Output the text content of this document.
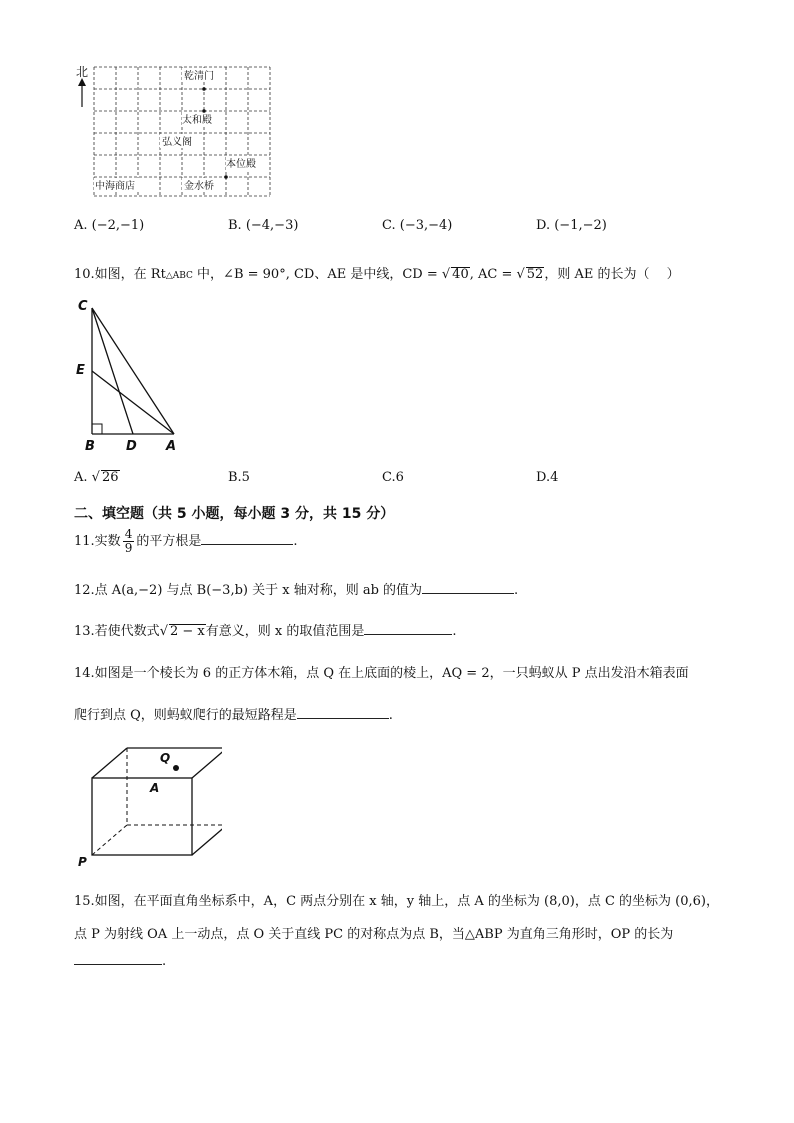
北	乾清门
太和殿
弘义阁
本位殿
中海商店	金水桥
A. (−2,−1)	B. (−4,−3)	C. (−3,−4)	D. (−1,−2)
10.如图，在 Rt△ABC 中，∠B = 90°, CD、AE 是中线，CD = √ 40, AC = √ 52，则 AE 的长为（　 ）
C
E
B D A
A. √ 26	B.5	C.6	D.4
二、填空题（共 5 小题，每小题 3 分，共 15 分）
11.实数 $\frac{4}{9}$ 的平方根是	.
12.点 A(a,−2) 与点 B(−3,b) 关于 x 轴对称，则 ab 的值为	.
13.若使代数式√ 2 − x有意义，则 x 的取值范围是	.
14.如图是一个棱长为 6 的正方体木箱，点 Q 在上底面的棱上，AQ = 2，一只蚂蚁从 P 点出发沿木箱表面
爬行到点 Q，则蚂蚁爬行的最短路程是	.
Q
A
P
15.如图，在平面直角坐标系中，A，C 两点分别在 x 轴，y 轴上，点 A 的坐标为 (8,0)，点 C 的坐标为 (0,6)，
点 P 为射线 OA 上一动点，点 O 关于直线 PC 的对称点为点 B，当△ABP 为直角三角形时，OP 的长为
.
